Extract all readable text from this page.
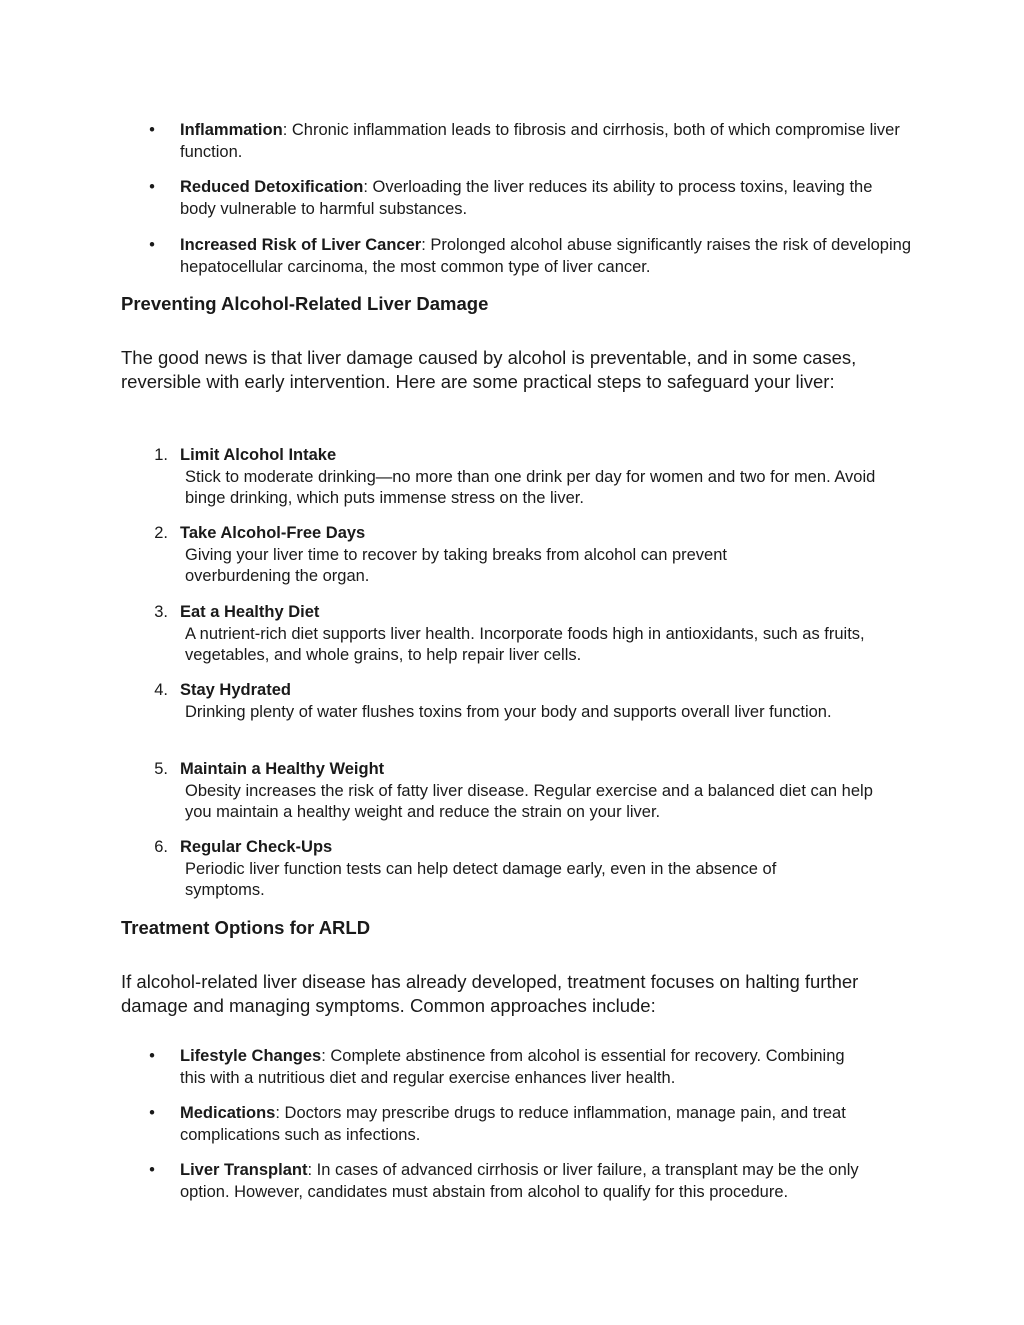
• Inflammation: Chronic inflammation leads to fibrosis and cirrhosis, both of which compromise liver function.
• Reduced Detoxification: Overloading the liver reduces its ability to process toxins, leaving the body vulnerable to harmful substances.
• Increased Risk of Liver Cancer: Prolonged alcohol abuse significantly raises the risk of developing hepatocellular carcinoma, the most common type of liver cancer.
Preventing Alcohol-Related Liver Damage
The good news is that liver damage caused by alcohol is preventable, and in some cases, reversible with early intervention. Here are some practical steps to safeguard your liver:
1. Limit Alcohol Intake
Stick to moderate drinking—no more than one drink per day for women and two for men. Avoid binge drinking, which puts immense stress on the liver.
2. Take Alcohol-Free Days
Giving your liver time to recover by taking breaks from alcohol can prevent overburdening the organ.
3. Eat a Healthy Diet
A nutrient-rich diet supports liver health. Incorporate foods high in antioxidants, such as fruits, vegetables, and whole grains, to help repair liver cells.
4. Stay Hydrated
Drinking plenty of water flushes toxins from your body and supports overall liver function.
5. Maintain a Healthy Weight
Obesity increases the risk of fatty liver disease. Regular exercise and a balanced diet can help you maintain a healthy weight and reduce the strain on your liver.
6. Regular Check-Ups
Periodic liver function tests can help detect damage early, even in the absence of symptoms.
Treatment Options for ARLD
If alcohol-related liver disease has already developed, treatment focuses on halting further damage and managing symptoms. Common approaches include:
• Lifestyle Changes: Complete abstinence from alcohol is essential for recovery. Combining this with a nutritious diet and regular exercise enhances liver health.
• Medications: Doctors may prescribe drugs to reduce inflammation, manage pain, and treat complications such as infections.
• Liver Transplant: In cases of advanced cirrhosis or liver failure, a transplant may be the only option. However, candidates must abstain from alcohol to qualify for this procedure.
